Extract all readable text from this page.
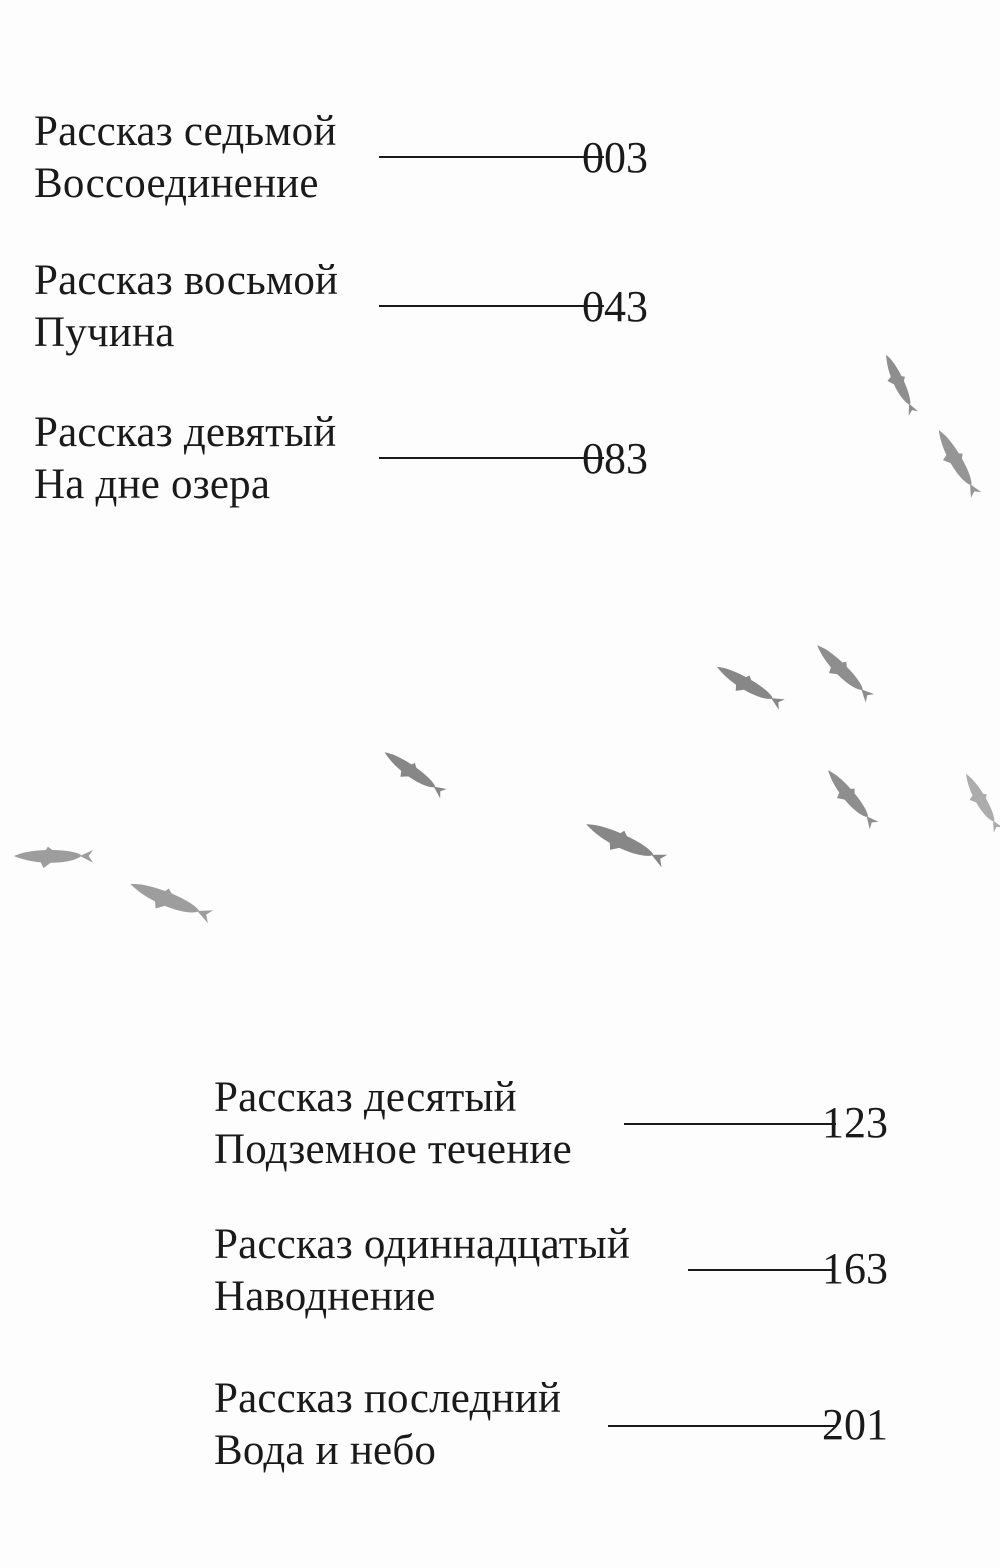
Рассказ седьмой
Воссоединение
003
Рассказ восьмой
Пучина
043
Рассказ девятый
На дне озера
083
Рассказ десятый
Подземное течение
123
Рассказ одиннадцатый
Наводнение
163
Рассказ последний
Вода и небо
201
